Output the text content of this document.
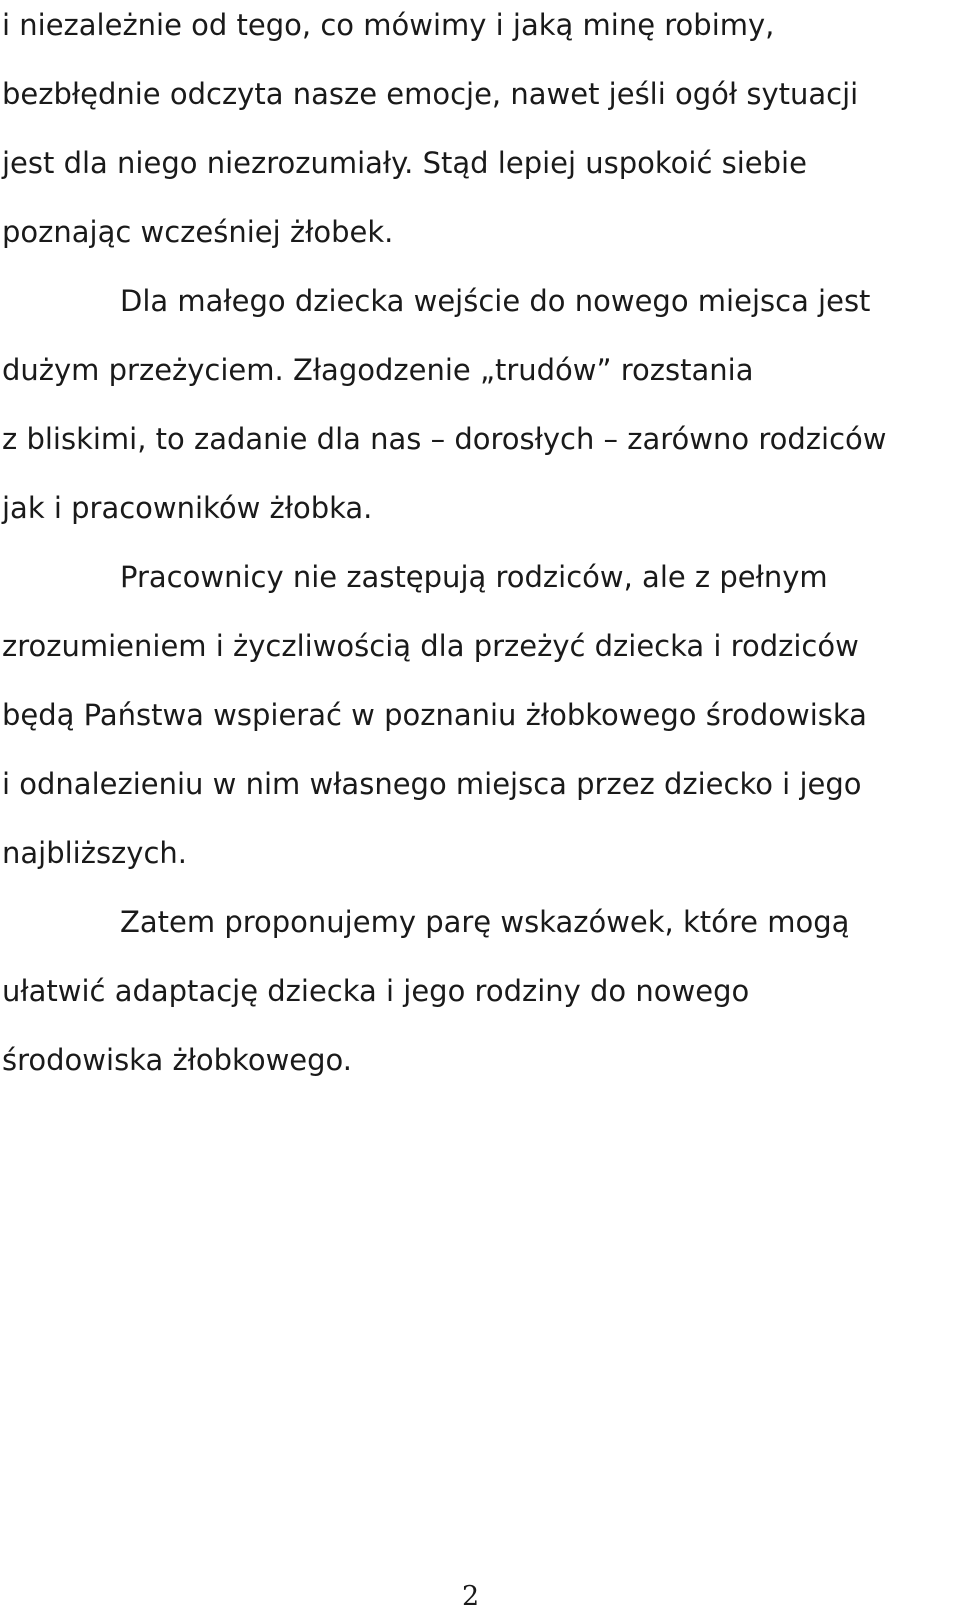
i niezależnie od tego, co mówimy i jaką minę robimy,
bezbłędnie odczyta nasze emocje, nawet jeśli ogół sytuacji
jest dla niego niezrozumiały. Stąd lepiej uspokoić siebie
poznając wcześniej żłobek.
Dla małego dziecka wejście do nowego miejsca jest
dużym przeżyciem. Złagodzenie „trudów” rozstania
z bliskimi, to zadanie dla nas – dorosłych – zarówno rodziców
jak i pracowników żłobka.
Pracownicy nie zastępują rodziców, ale z pełnym
zrozumieniem i życzliwością dla przeżyć dziecka i rodziców
będą Państwa wspierać w poznaniu żłobkowego środowiska
i odnalezieniu w nim własnego miejsca przez dziecko i jego
najbliższych.
Zatem proponujemy parę wskazówek, które mogą
ułatwić adaptację dziecka i jego rodziny do nowego
środowiska żłobkowego.
2
